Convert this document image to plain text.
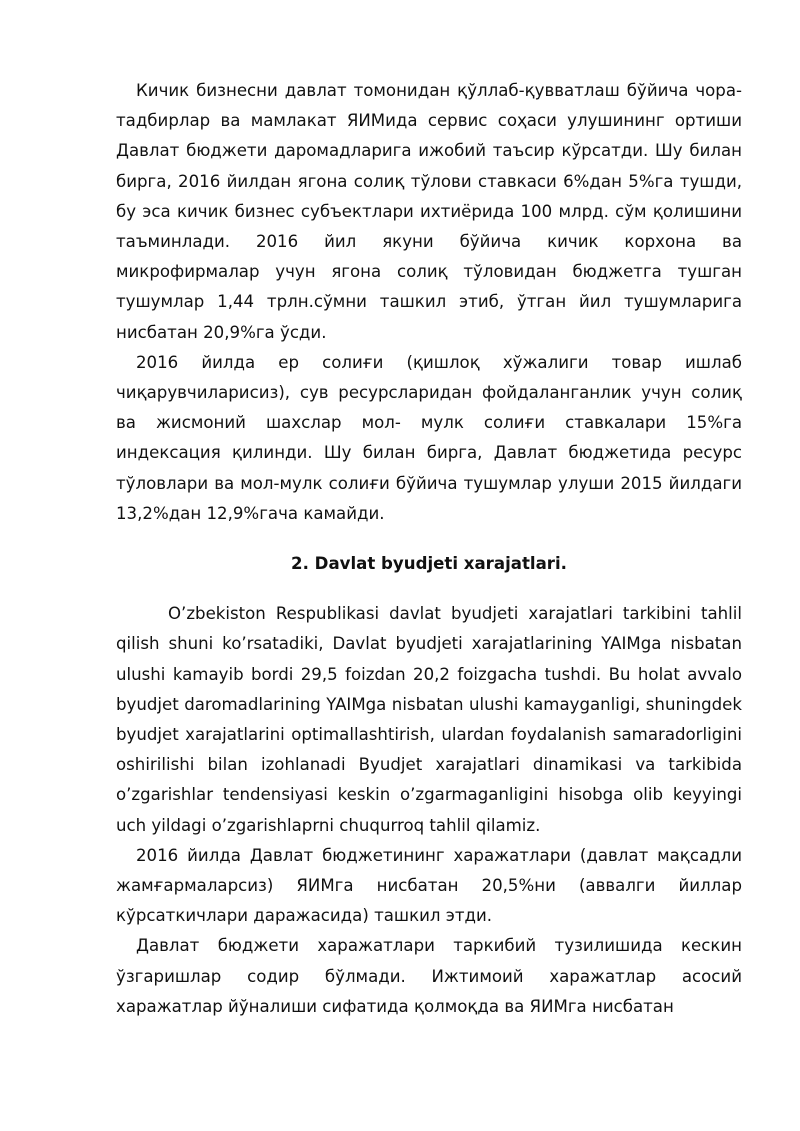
Кичик бизнесни давлат томонидан қўллаб-қувватлаш бўйича чора- тадбирлар ва мамлакат ЯИМида сервис соҳаси улушининг ортиши Давлат бюджети даромадларига ижобий таъсир кўрсатди. Шу билан бирга, 2016 йилдан ягона солиқ тўлови ставкаси 6%дан 5%га тушди, бу эса кичик бизнес субъектлари ихтиёрида 100 млрд. сўм қолишини таъминлади. 2016 йил якуни бўйича кичик корхона ва микрофирмалар учун ягона солиқ тўловидан бюджетга тушган тушумлар 1,44 трлн.сўмни ташкил этиб, ўтган йил тушумларига нисбатан 20,9%га ўсди.

2016 йилда ер солиғи (қишлоқ хўжалиги товар ишлаб чиқарувчиларисиз), сув ресурсларидан фойдаланганлик учун солиқ ва жисмоний шахслар мол- мулк солиғи ставкалари 15%га индексация қилинди. Шу билан бирга, Давлат бюджетида ресурс тўловлари ва мол-мулк солиғи бўйича тушумлар улуши 2015 йилдаги 13,2%дан 12,9%гача камайди.

2. Davlat byudjeti xarajatlari.

O’zbekiston Respublikasi davlat byudjeti xarajatlari tarkibini tahlil qilish shuni ko’rsatadiki, Davlat byudjeti xarajatlarining YAIMga nisbatan ulushi kamayib bordi 29,5 foizdan 20,2 foizgacha tushdi. Bu holat avvalo byudjet daromadlarining YAIMga nisbatan ulushi kamayganligi, shuningdek byudjet xarajatlarini optimallashtirish, ulardan foydalanish samaradorligini oshirilishi bilan izohlanadi Byudjet xarajatlari dinamikasi va tarkibida o’zgarishlar tendensiyasi keskin o’zgarmaganligini hisobga olib keyyingi uch yildagi o’zgarishlaprni chuqurroq tahlil qilamiz.

2016 йилда Давлат бюджетининг харажатлари (давлат мақсадли жамғармаларсиз) ЯИМга нисбатан 20,5%ни (аввалги йиллар кўрсаткичлари даражасида) ташкил этди.

Давлат бюджети харажатлари таркибий тузилишида кескин ўзгаришлар содир бўлмади. Ижтимоий харажатлар асосий харажатлар йўналиши сифатида қолмоқда ва ЯИМга нисбатан
